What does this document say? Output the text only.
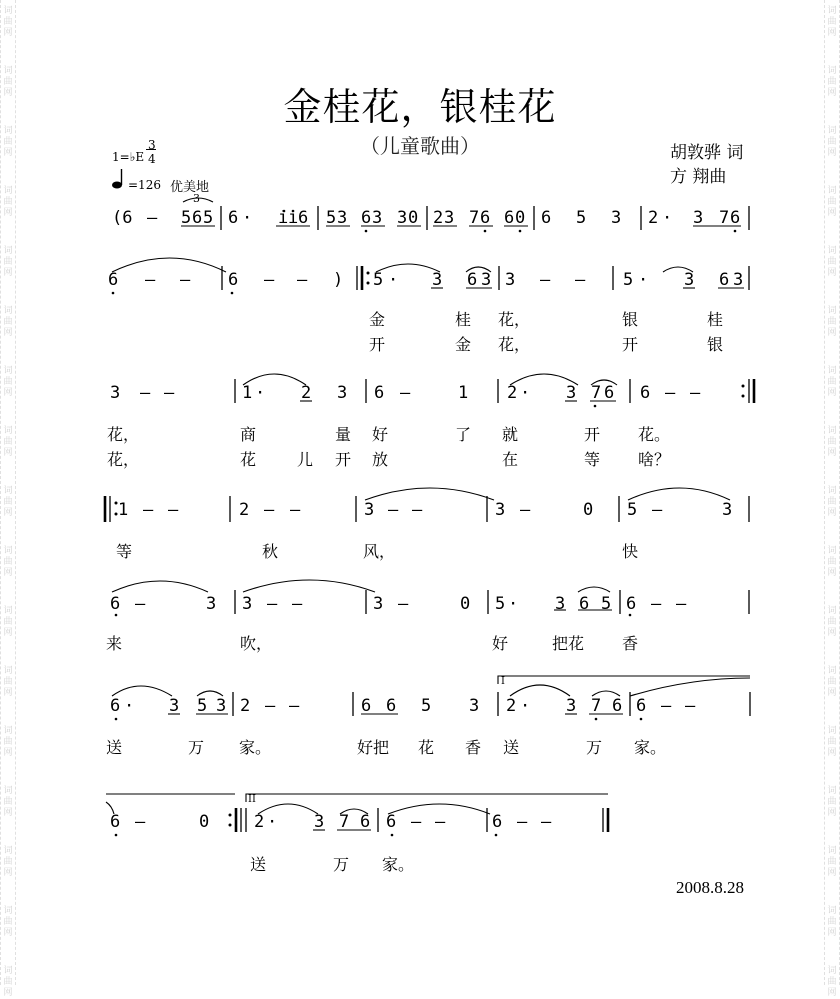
词
曲
网
词
曲
网
词
曲
网
词
曲
网
词
曲
网
词
曲
网
词
曲
网
词
曲
网
词
曲
网
词
曲
网
词
曲
网
词
曲
网
词
曲
网
词
曲
网
词
曲
网
词
曲
网
词
曲
网
词
曲
网
词
曲
网
词
曲
网
词
曲
网
词
曲
网
词
曲
网
词
曲
网
词
曲
网
词
曲
网
词
曲
网
词
曲
网
词
曲
网
词
曲
网
词
曲
网
词
曲
网
词
曲
网
词
曲
网
金桂花，银桂花
（儿童歌曲）	胡敦骅 词
方 翔曲
1=♭E
3
4
=126 优美地
3
(6 – 5 6 5 6 · i i 6 5 3 6 3 3 0 2 3 7 6 6 0 6 5 3 2 · 3 7 6
6 – – 6 – – ) 5 · 3 6 3 3 – – 5 · 3 6 3
金	桂 花，	银	桂
开	金 花，	开	银
3 – –	1 · 2 3 6 –	1 2 · 3 7 6 6 – –
花，	商	量 好	了 就	开 花。
花，	花	儿 开 放	在	等 啥？
1 – –	2 – –	3 – –	3 –	0 5 –	3
等	秋	风，	快
6 –	3 3 – –	3 –	0 5 · 3 6 5 6 – –
来	吹，	好	把花 香
I
6 · 3 5 3 2 – –	6 6 5 3 2 · 3 7 6 6 – –
送	万 家。	好把 花 香 送	万 家。
II
6 –	0	2 · 3 7 6 6 – –	6 – –
送	万 家。
2008.8.28
